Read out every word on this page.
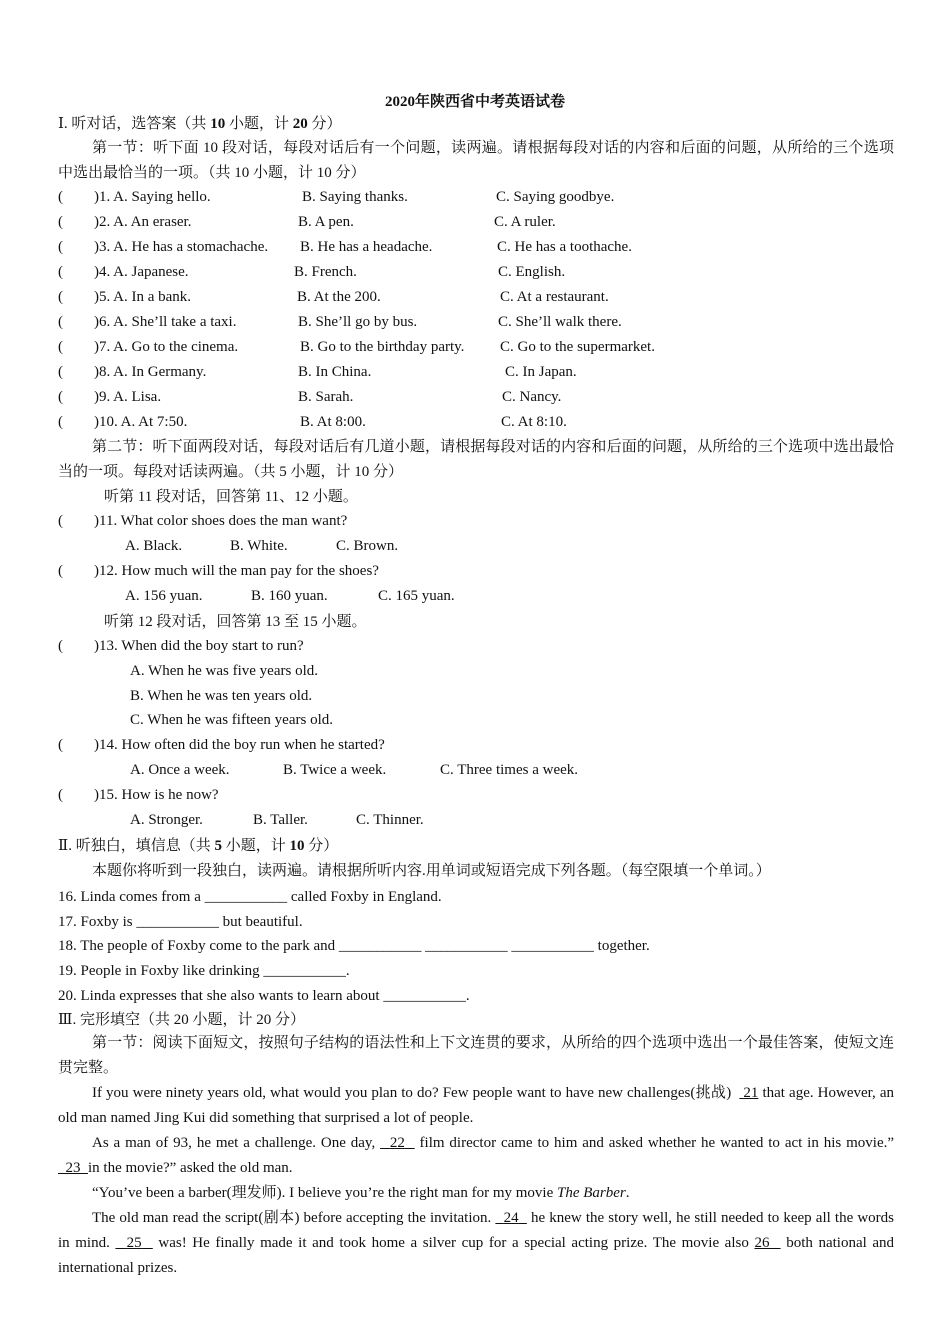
2020年陕西省中考英语试卷
Ⅰ. 听对话，选答案（共 10 小题，计 20 分）
第一节：听下面 10 段对话，每段对话后有一个问题，读两遍。请根据每段对话的内容和后面的问题，从所给的三个选项中选出最恰当的一项。（共 10 小题，计 10 分）
( )1. A. Saying hello.	B. Saying thanks.	C. Saying goodbye.
( )2. A. An eraser.	B. A pen.	C. A ruler.
( )3. A. He has a stomachache. B. He has a headache.	C. He has a toothache.
( )4. A. Japanese.	B. French.	C. English.
( )5. A. In a bank.	B. At the 200.	C. At a restaurant.
( )6. A. She’ll take a taxi.	B. She’ll go by bus.	C. She’ll walk there.
( )7. A. Go to the cinema.	B. Go to the birthday party. C. Go to the supermarket.
( )8. A. In Germany.	B. In China.	C. In Japan.
( )9. A. Lisa.	B. Sarah.	C. Nancy.
( )10. A. At 7:50.	B. At 8:00.	C. At 8:10.
第二节：听下面两段对话，每段对话后有几道小题，请根据每段对话的内容和后面的问题，从所给的三个选项中选出最恰当的一项。每段对话读两遍。（共 5 小题，计 10 分）
听第 11 段对话，回答第 11、12 小题。
( )11. What color shoes does the man want?
A. Black.	B. White.	C. Brown.
( )12. How much will the man pay for the shoes?
A. 156 yuan.	B. 160 yuan.	C. 165 yuan.
听第 12 段对话，回答第 13 至 15 小题。
( )13. When did the boy start to run?
A. When he was five years old.
B. When he was ten years old.
C. When he was fifteen years old.
( )14. How often did the boy run when he started?
A. Once a week.	B. Twice a week.	C. Three times a week.
( )15. How is he now?
A. Stronger.	B. Taller.	C. Thinner.
Ⅱ. 听独白，填信息（共 5 小题，计 10 分）
本题你将听到一段独白，读两遍。请根据所听内容.用单词或短语完成下列各题。（每空限填一个单词。）
16. Linda comes from a ___________ called Foxby in England.
17. Foxby is ___________ but beautiful.
18. The people of Foxby come to the park and ___________ ___________ ___________ together.
19. People in Foxby like drinking ___________.
20. Linda expresses that she also wants to learn about ___________.
Ⅲ. 完形填空（共 20 小题，计 20 分）
第一节：阅读下面短文，按照句子结构的语法性和上下文连贯的要求，从所给的四个选项中选出一个最佳答案，使短文连贯完整。
If you were ninety years old, what would you plan to do? Few people want to have new challenges(挑战) 21 that age. However, an old man named Jing Kui did something that surprised a lot of people.
As a man of 93, he met a challenge. One day, 22 film director came to him and asked whether he wanted to act in his movie.”   23 in the movie?” asked the old man.
“You’ve been a barber(理发师). I believe you’re the right man for my movie The Barber.
The old man read the script(剧本) before accepting the invitation. 24 he knew the story well, he still needed to keep all the words in mind. 25 was! He finally made it and took home a silver cup for a special acting prize. The movie also 26 both national and international prizes.
